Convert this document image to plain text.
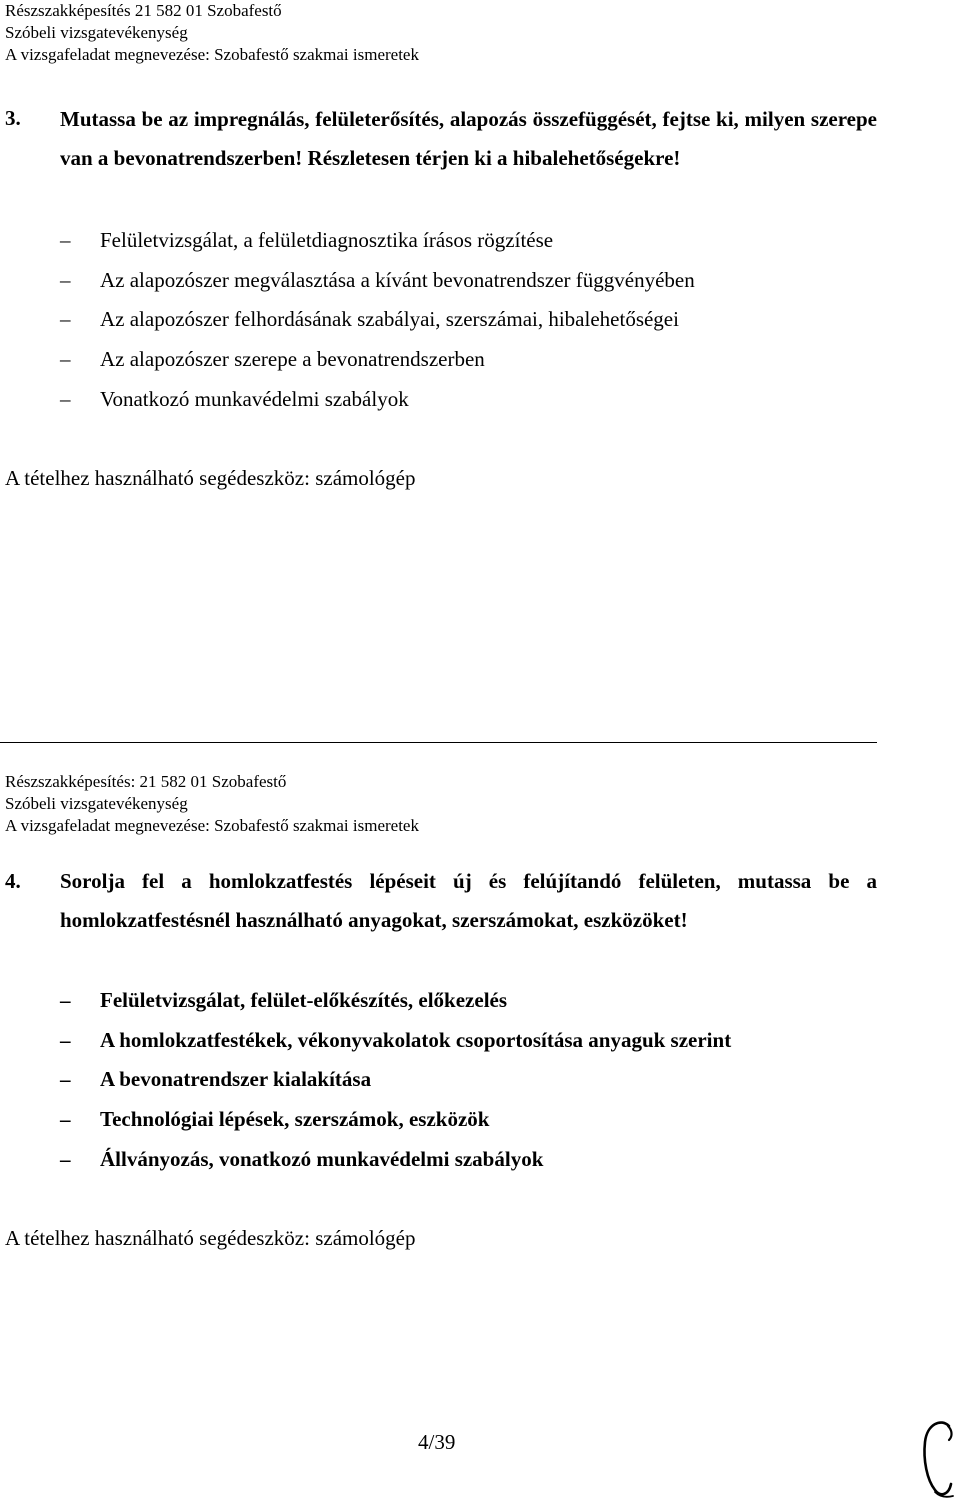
Részszakképesítés 21 582 01 Szobafestő
Szóbeli vizsgatevékenység
A vizsgafeladat megnevezése: Szobafestő szakmai ismeretek
3. Mutassa be az impregnálás, felületerősítés, alapozás összefüggését, fejtse ki, milyen szerepe van a bevonatrendszerben! Részletesen térjen ki a hibalehetőségekre!
– Felületvizsgálat, a felületdiagnosztika írásos rögzítése
– Az alapozószer megválasztása a kívánt bevonatrendszer függvényében
– Az alapozószer felhordásának szabályai, szerszámai, hibalehetőségei
– Az alapozószer szerepe a bevonatrendszerben
– Vonatkozó munkavédelmi szabályok
A tételhez használható segédeszköz: számológép
Részszakképesítés: 21 582 01 Szobafestő
Szóbeli vizsgatevékenység
A vizsgafeladat megnevezése: Szobafestő szakmai ismeretek
4. Sorolja fel a homlokzatfestés lépéseit új és felújítandó felületen, mutassa be a homlokzatfestésnél használható anyagokat, szerszámokat, eszközöket!
– Felületvizsgálat, felület-előkészítés, előkezelés
– A homlokzatfestékek, vékonyvakolatok csoportosítása anyaguk szerint
– A bevonatrendszer kialakítása
– Technológiai lépések, szerszámok, eszközök
– Állványozás, vonatkozó munkavédelmi szabályok
A tételhez használható segédeszköz: számológép
4/39
